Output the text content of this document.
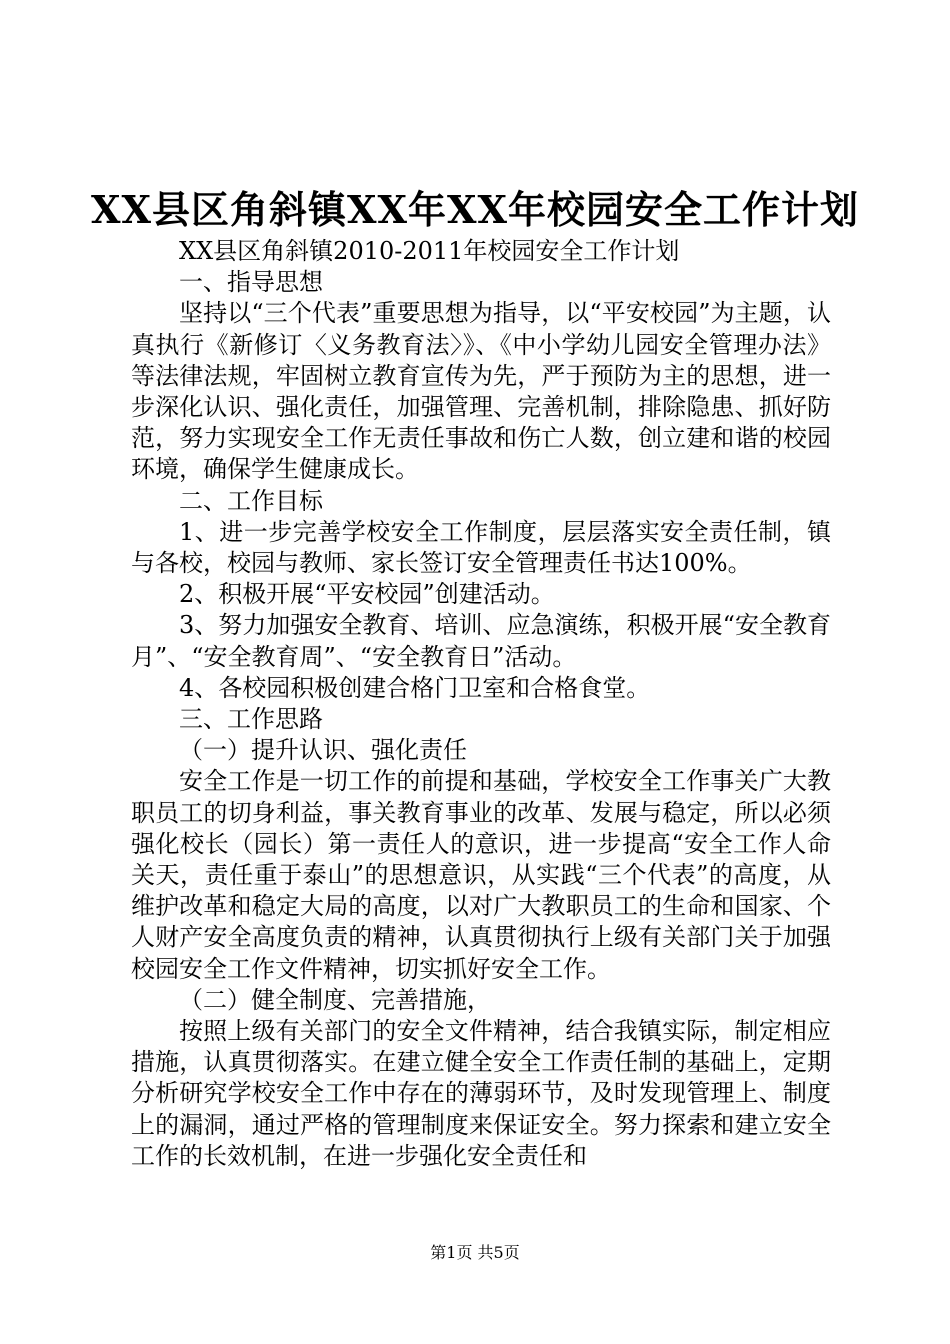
XX县区角斜镇XX年XX年校园安全工作计划

XX县区角斜镇2010-2011年校园安全工作计划

一、指导思想

坚持以“三个代表”重要思想为指导，以“平安校园”为主题，认真执行《新修订〈义务教育法〉》、《中小学幼儿园安全管理办法》等法律法规，牢固树立教育宣传为先，严于预防为主的思想，进一步深化认识、强化责任，加强管理、完善机制，排除隐患、抓好防范，努力实现安全工作无责任事故和伤亡人数，创立建和谐的校园环境，确保学生健康成长。

二、工作目标

1、进一步完善学校安全工作制度，层层落实安全责任制，镇与各校，校园与教师、家长签订安全管理责任书达100%。

2、积极开展“平安校园”创建活动。

3、努力加强安全教育、培训、应急演练，积极开展“安全教育月”、“安全教育周”、“安全教育日”活动。

4、各校园积极创建合格门卫室和合格食堂。

三、工作思路

（一）提升认识、强化责任

安全工作是一切工作的前提和基础，学校安全工作事关广大教职员工的切身利益，事关教育事业的改革、发展与稳定，所以必须强化校长（园长）第一责任人的意识，进一步提高“安全工作人命关天，责任重于泰山”的思想意识，从实践“三个代表”的高度，从维护改革和稳定大局的高度，以对广大教职员工的生命和国家、个人财产安全高度负责的精神，认真贯彻执行上级有关部门关于加强校园安全工作文件精神，切实抓好安全工作。

（二）健全制度、完善措施，

按照上级有关部门的安全文件精神，结合我镇实际，制定相应措施，认真贯彻落实。在建立健全安全工作责任制的基础上，定期分析研究学校安全工作中存在的薄弱环节，及时发现管理上、制度上的漏洞，通过严格的管理制度来保证安全。努力探索和建立安全工作的长效机制，在进一步强化安全责任和

第1页 共5页
